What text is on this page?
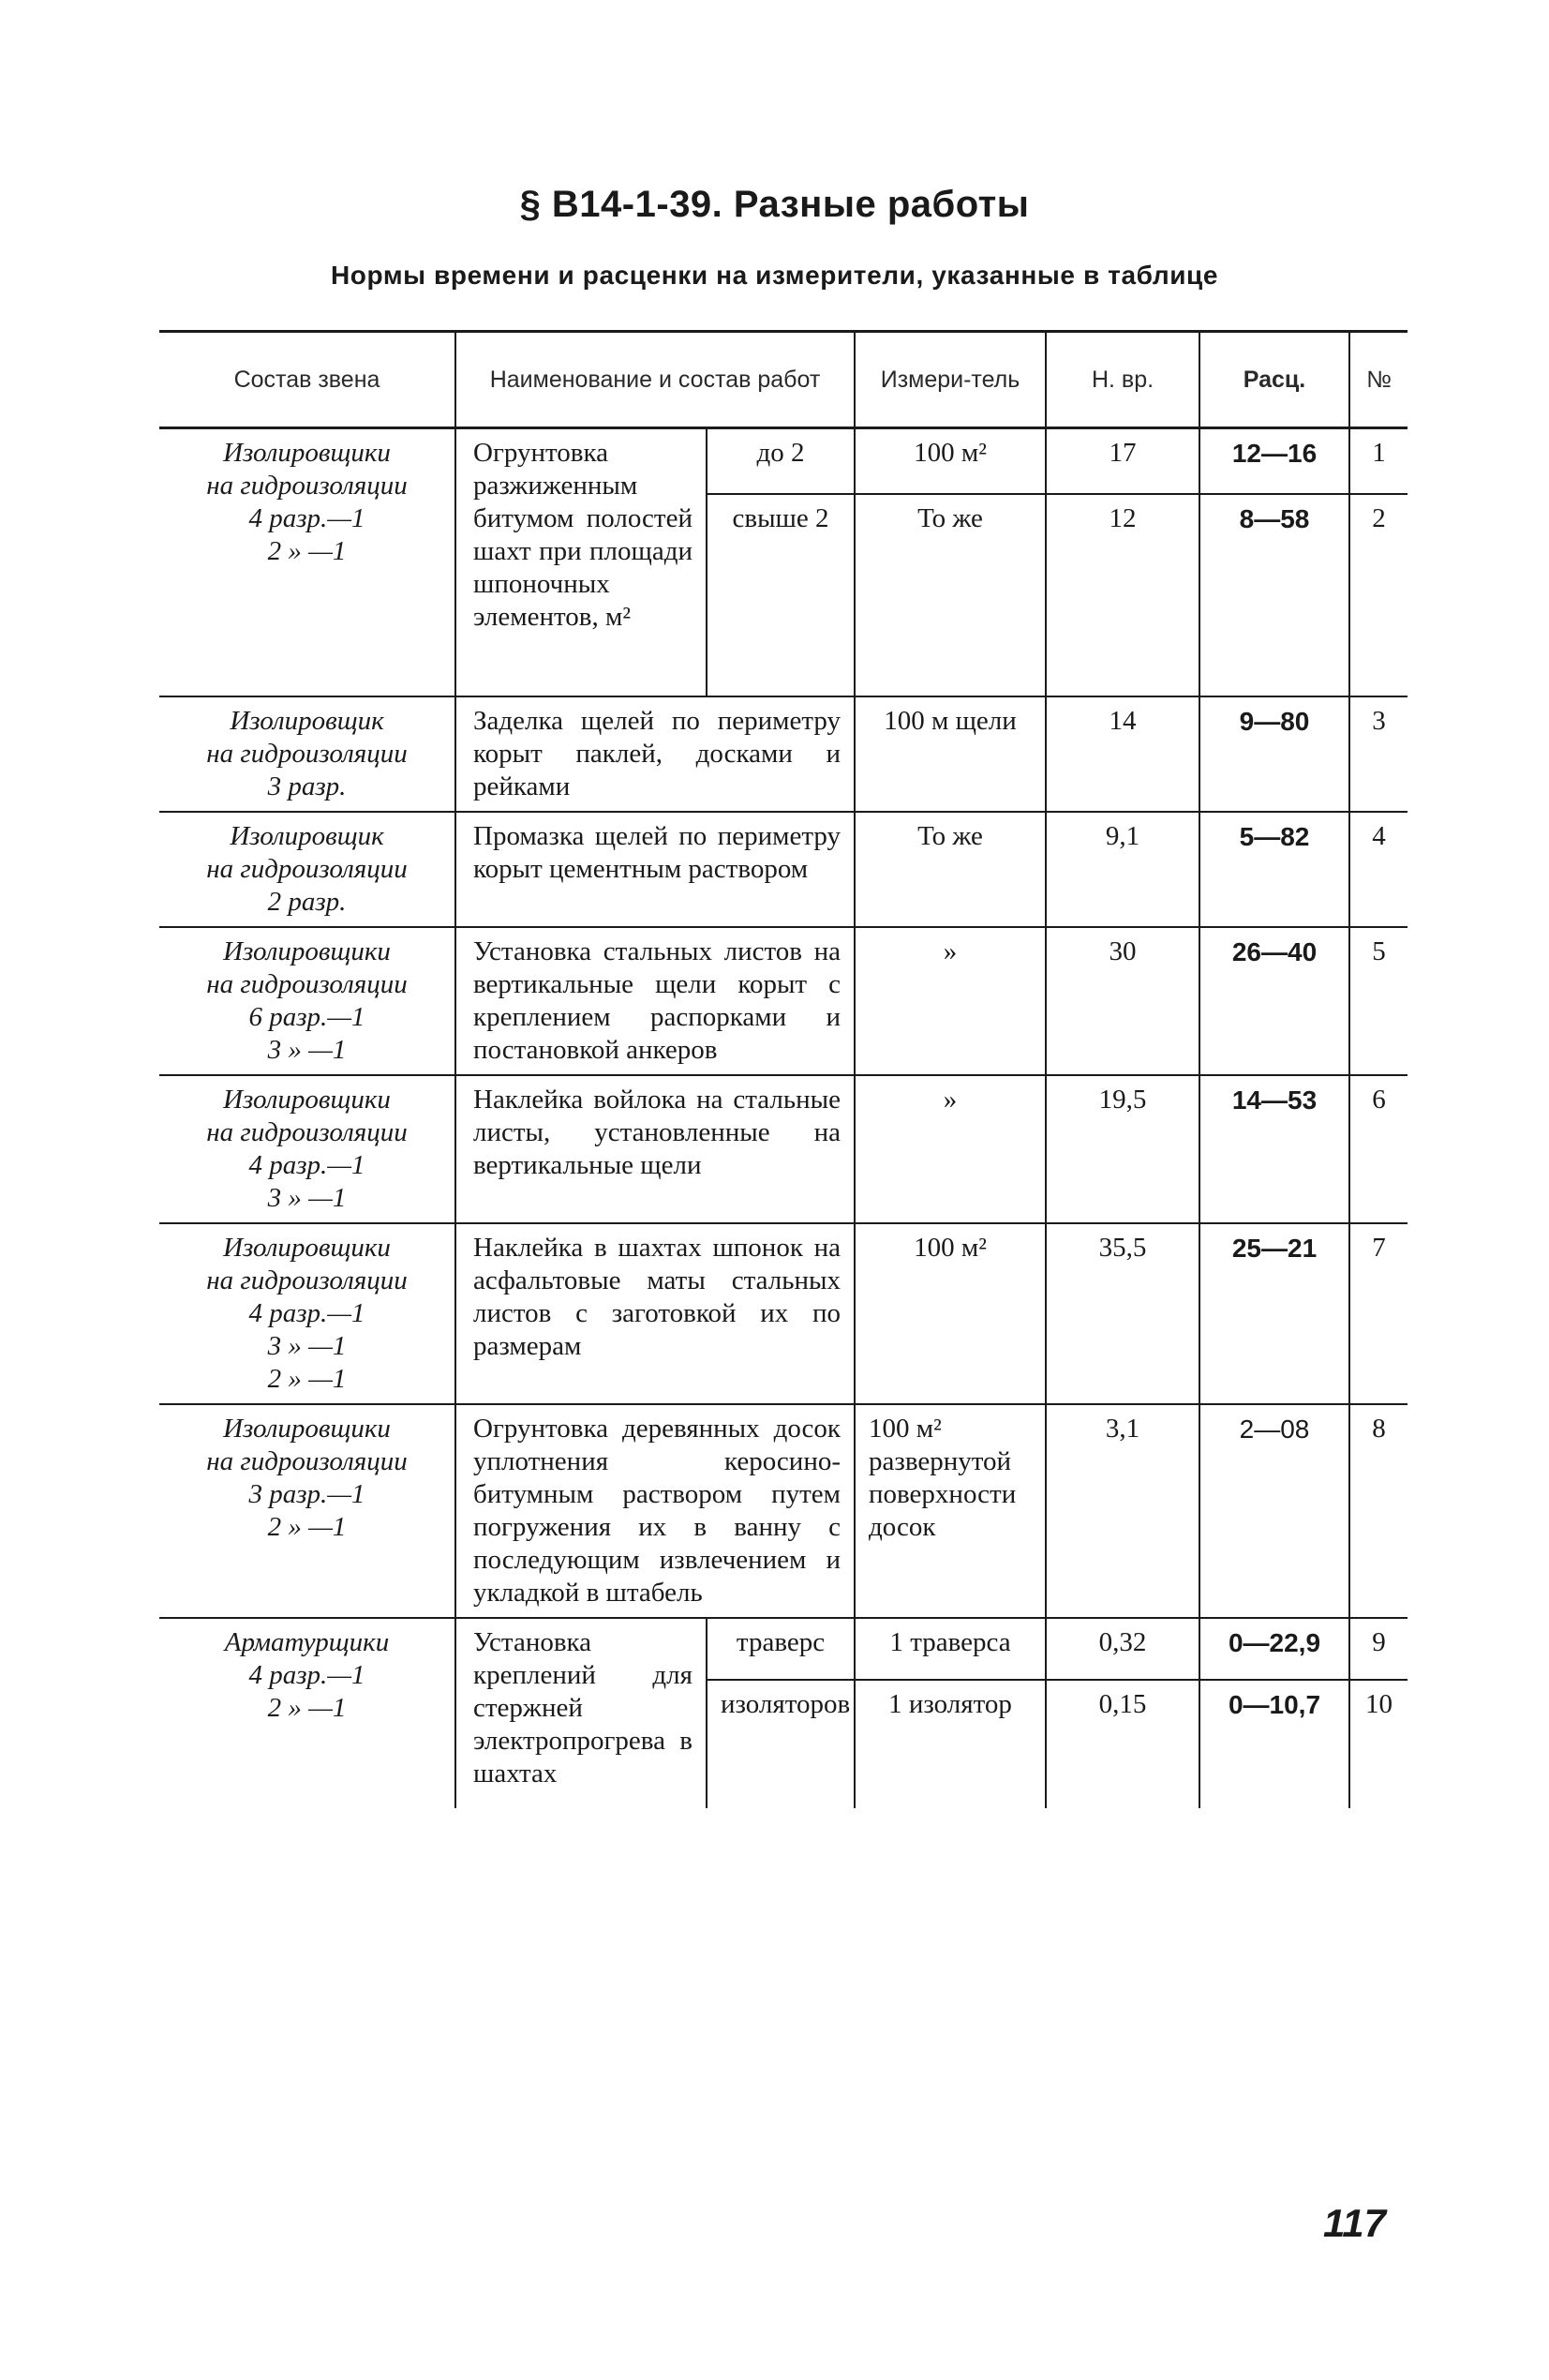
§ B14-1-39. Разные работы
Нормы времени и расценки на измерители, указанные в таблице
Состав звена	Наименование и состав работ		Измери-тель	Н. вр.	Расц.	№

Изолировщики
на гидроизоляции
4 разр.—1
2 » —1	Огрунтовка разжиженным битумом полостей шахт при площади шпоночных элементов, м²	до 2	100 м²	17	12—16	1
		свыше 2	То же	12	8—58	2

Изолировщик
на гидроизоляции
3 разр.	Заделка щелей по периметру корыт паклей, досками и рейками		100 м щели	14	9—80	3

Изолировщик
на гидроизоляции
2 разр.	Промазка щелей по периметру корыт цементным раствором		То же	9,1	5—82	4

Изолировщики
на гидроизоляции
6 разр.—1
3 » —1	Установка стальных листов на вертикальные щели корыт с креплением распорками и постановкой анкеров		»	30	26—40	5

Изолировщики
на гидроизоляции
4 разр.—1
3 » —1	Наклейка войлока на стальные листы, установленные на вертикальные щели		»	19,5	14—53	6

Изолировщики
на гидроизоляции
4 разр.—1
3 » —1
2 » —1	Наклейка в шахтах шпонок на асфальтовые маты стальных листов с заготовкой их по размерам		100 м²	35,5	25—21	7

Изолировщики
на гидроизоляции
3 разр.—1
2 » —1	Огрунтовка деревянных досок уплотнения керосино-битумным раствором путем погружения их в ванну с последующим извлечением и укладкой в штабель		100 м² развернутой поверхности досок	3,1	2—08	8

Арматурщики
4 разр.—1
2 » —1	Установка креплений для стержней электропрогрева в шахтах	траверс	1 траверса	0,32	0—22,9	9
		изоляторов	1 изолятор	0,15	0—10,7	10
117
